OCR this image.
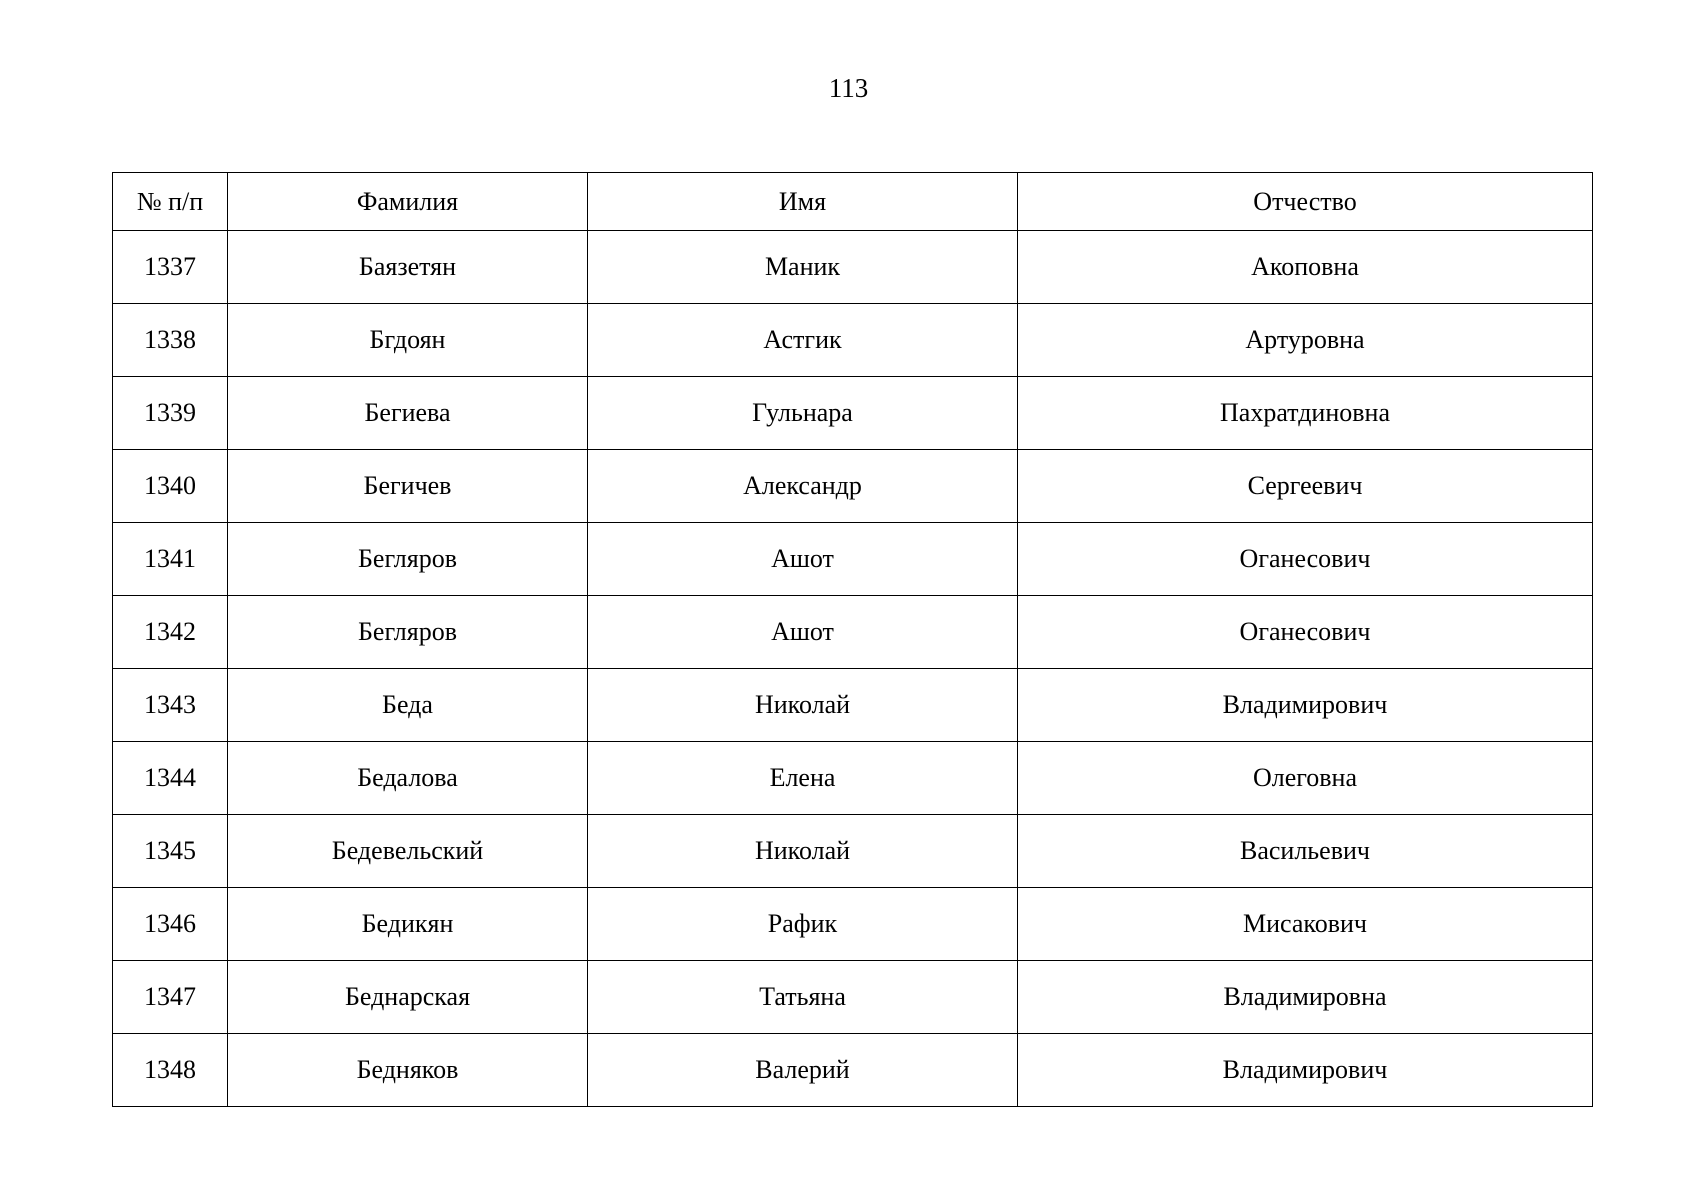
113
№ п/п	Фамилия	Имя	Отчество
1337	Баязетян	Маник	Акоповна
1338	Бгдоян	Астгик	Артуровна
1339	Бегиева	Гульнара	Пахратдиновна
1340	Бегичев	Александр	Сергеевич
1341	Бегляров	Ашот	Оганесович
1342	Бегляров	Ашот	Оганесович
1343	Беда	Николай	Владимирович
1344	Бедалова	Елена	Олеговна
1345	Бедевельский	Николай	Васильевич
1346	Бедикян	Рафик	Мисакович
1347	Беднарская	Татьяна	Владимировна
1348	Бедняков	Валерий	Владимирович
